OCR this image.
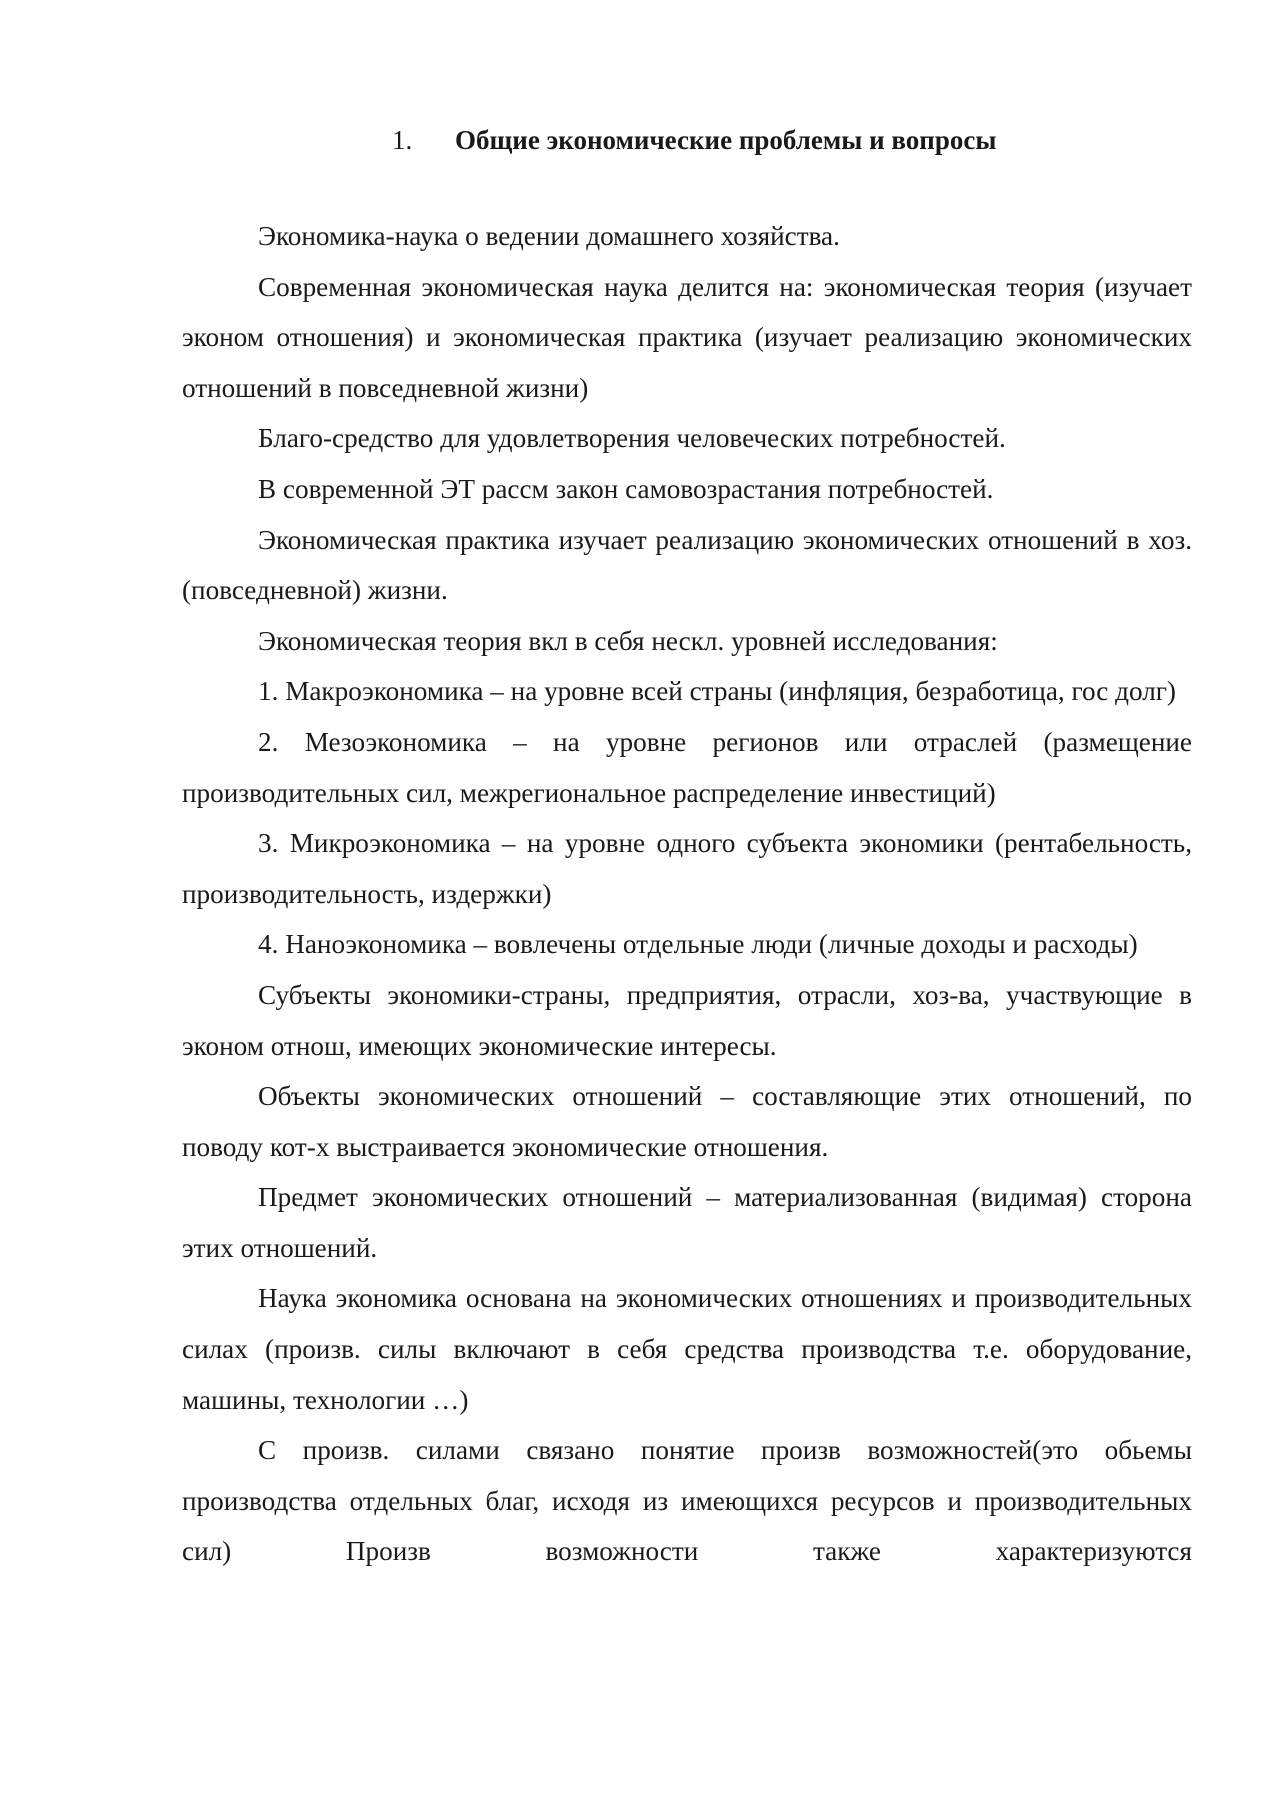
1. Общие экономические проблемы и вопросы

Экономика-наука о ведении домашнего хозяйства.

Современная экономическая наука делится на: экономическая теория (изучает эконом отношения) и экономическая практика (изучает реализацию экономических отношений в повседневной жизни)

Благо-средство для удовлетворения человеческих потребностей.

В современной ЭТ рассм закон самовозрастания потребностей.

Экономическая практика изучает реализацию экономических отношений в хоз.(повседневной) жизни.

Экономическая теория вкл в себя нескл. уровней исследования:

1. Макроэкономика – на уровне всей страны (инфляция, безработица, гос долг)

2. Мезоэкономика – на уровне регионов или отраслей (размещение производительных сил, межрегиональное распределение инвестиций)

3. Микроэкономика – на уровне одного субъекта экономики (рентабельность, производительность, издержки)

4. Наноэкономика – вовлечены отдельные люди (личные доходы и расходы)

Субъекты экономики-страны, предприятия, отрасли, хоз-ва, участвующие в эконом отнош, имеющих экономические интересы.

Объекты экономических отношений – составляющие этих отношений, по поводу кот-х выстраивается экономические отношения.

Предмет экономических отношений – материализованная (видимая) сторона этих отношений.

Наука экономика основана на экономических отношениях и производительных силах (произв. силы включают в себя средства производства т.е. оборудование, машины, технологии …)

С произв. силами связано понятие произв возможностей(это обьемы производства отдельных благ, исходя из имеющихся ресурсов и производительных сил) Произв возможности также характеризуются
